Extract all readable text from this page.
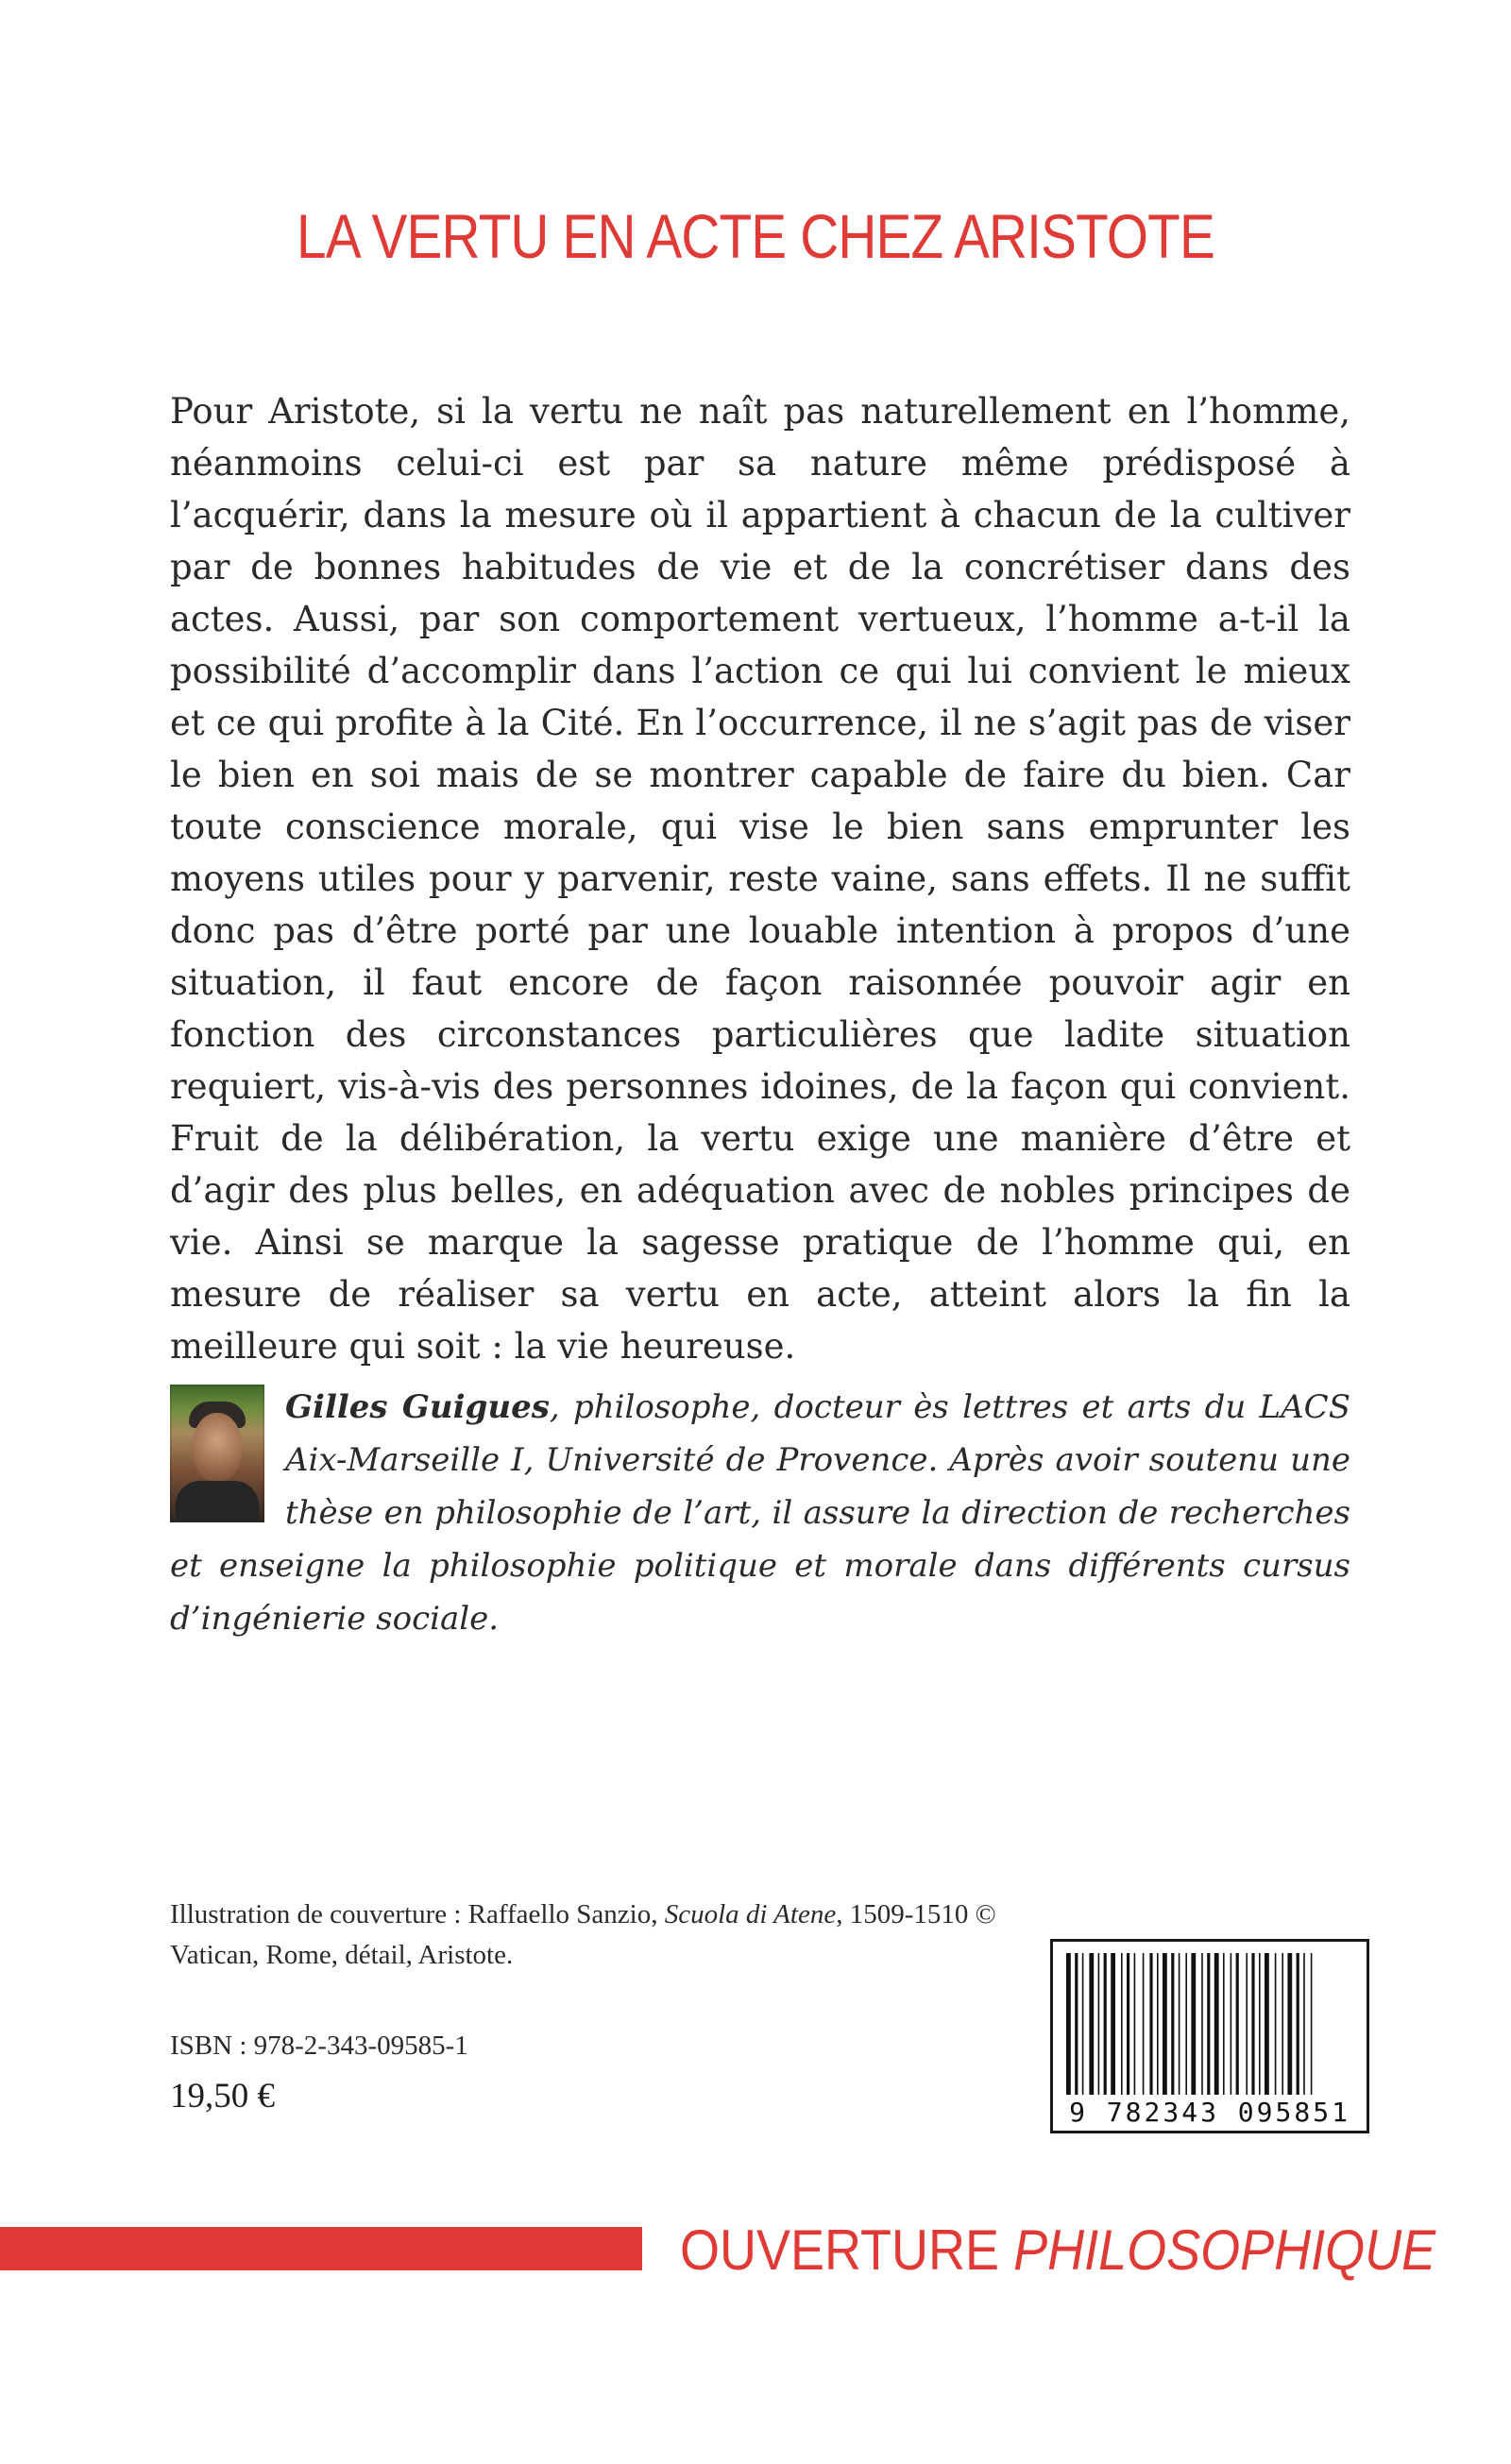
LA VERTU EN ACTE CHEZ ARISTOTE

Pour Aristote, si la vertu ne naît pas naturellement en l’homme, néanmoins celui-ci est par sa nature même prédisposé à l’acquérir, dans la mesure où il appartient à chacun de la cultiver par de bonnes habitudes de vie et de la concrétiser dans des actes. Aussi, par son comportement vertueux, l’homme a-t-il la possibilité d’accomplir dans l’action ce qui lui convient le mieux et ce qui profite à la Cité. En l’occurrence, il ne s’agit pas de viser le bien en soi mais de se montrer capable de faire du bien. Car toute conscience morale, qui vise le bien sans emprunter les moyens utiles pour y parvenir, reste vaine, sans effets. Il ne suffit donc pas d’être porté par une louable intention à propos d’une situation, il faut encore de façon raisonnée pouvoir agir en fonction des circonstances particulières que ladite situation requiert, vis-à-vis des personnes idoines, de la façon qui convient. Fruit de la délibération, la vertu exige une manière d’être et d’agir des plus belles, en adéquation avec de nobles principes de vie. Ainsi se marque la sagesse pratique de l’homme qui, en mesure de réaliser sa vertu en acte, atteint alors la fin la meilleure qui soit : la vie heureuse.

Gilles Guigues, philosophe, docteur ès lettres et arts du LACS Aix-Marseille I, Université de Provence. Après avoir soutenu une thèse en philosophie de l’art, il assure la direction de recherches et enseigne la philosophie politique et morale dans différents cursus d’ingénierie sociale.

Illustration de couverture : Raffaello Sanzio, Scuola di Atene, 1509-1510 © Vatican, Rome, détail, Aristote.
ISBN : 978-2-343-09585-1
19,50 €	9 782343 095851
OUVERTURE PHILOSOPHIQUE
